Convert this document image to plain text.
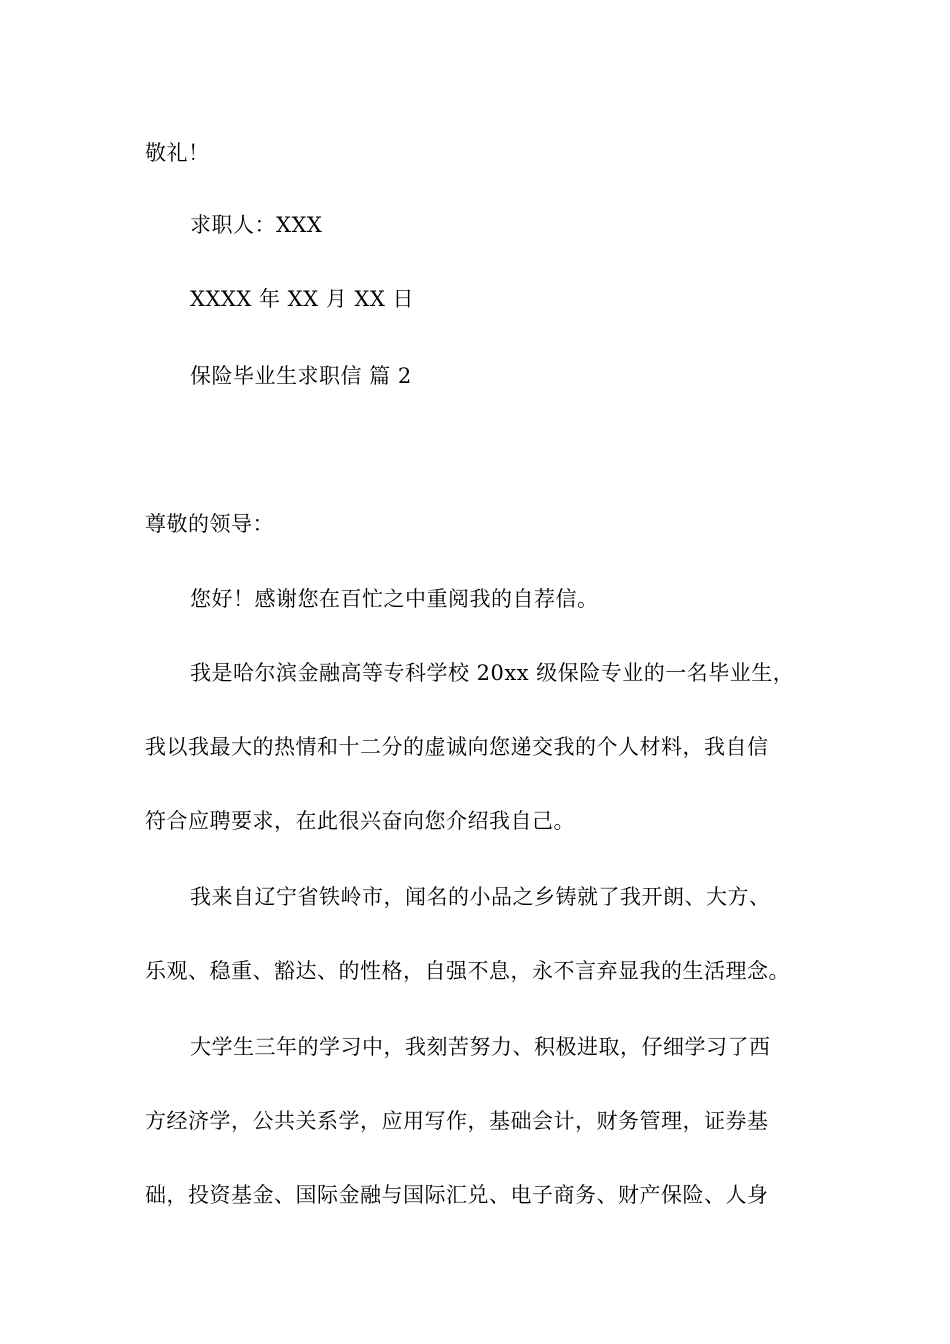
敬礼！
求职人：XXX
XXXX 年 XX 月 XX 日
保险毕业生求职信 篇 2
尊敬的领导：
您好！感谢您在百忙之中重阅我的自荐信。
我是哈尔滨金融高等专科学校 20xx 级保险专业的一名毕业生，
我以我最大的热情和十二分的虚诚向您递交我的个人材料，我自信
符合应聘要求，在此很兴奋向您介绍我自己。
我来自辽宁省铁岭市，闻名的小品之乡铸就了我开朗、大方、
乐观、稳重、豁达、的性格，自强不息，永不言弃显我的生活理念。
大学生三年的学习中，我刻苦努力、积极进取，仔细学习了西
方经济学，公共关系学，应用写作，基础会计，财务管理，证券基
础，投资基金、国际金融与国际汇兑、电子商务、财产保险、人身
